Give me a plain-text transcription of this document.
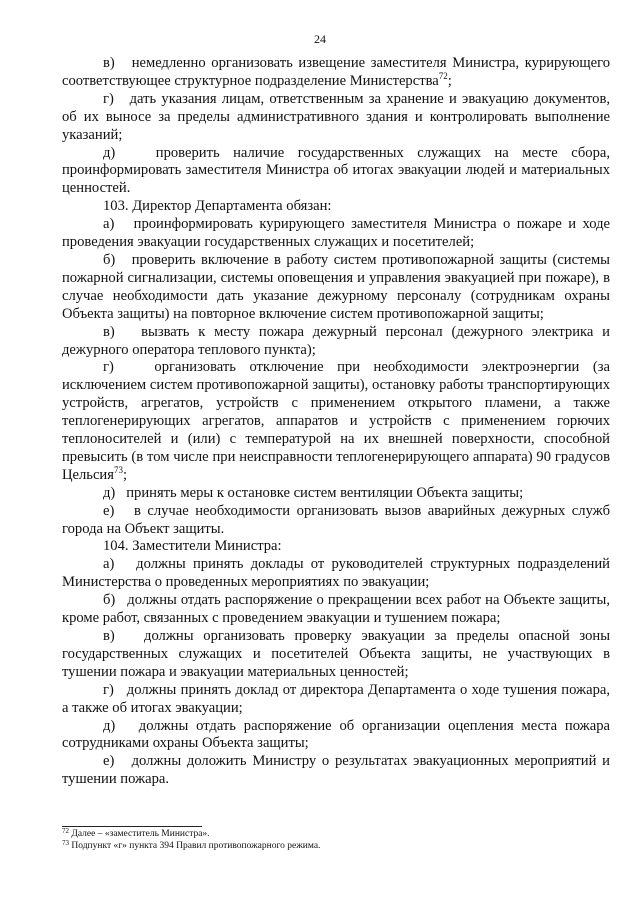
24

в)   немедленно организовать извещение заместителя Министра, курирующего соответствующее структурное подразделение Министерства$^{72}$;

г)   дать указания лицам, ответственным за хранение и эвакуацию документов, об их выносе за пределы административного здания и контролировать выполнение указаний;

д)   проверить наличие государственных служащих на месте сбора, проинформировать заместителя Министра об итогах эвакуации людей и материальных ценностей.

103. Директор Департамента обязан:

а)   проинформировать курирующего заместителя Министра о пожаре и ходе проведения эвакуации государственных служащих и посетителей;

б)   проверить включение в работу систем противопожарной защиты (системы пожарной сигнализации, системы оповещения и управления эвакуацией при пожаре), в случае необходимости дать указание дежурному персоналу (сотрудникам охраны Объекта защиты) на повторное включение систем противопожарной защиты;

в)   вызвать к месту пожара дежурный персонал (дежурного электрика и дежурного оператора теплового пункта);

г)   организовать отключение при необходимости электроэнергии (за исключением систем противопожарной защиты), остановку работы транспортирующих устройств, агрегатов, устройств с применением открытого пламени, а также теплогенерирующих агрегатов, аппаратов и устройств с применением горючих теплоносителей и (или) с температурой на их внешней поверхности, способной превысить (в том числе при неисправности теплогенерирующего аппарата) 90 градусов Цельсия$^{73}$;

д)   принять меры к остановке систем вентиляции Объекта защиты;

е)   в случае необходимости организовать вызов аварийных дежурных служб города на Объект защиты.

104. Заместители Министра:

а)   должны принять доклады от руководителей структурных подразделений Министерства о проведенных мероприятиях по эвакуации;

б)   должны отдать распоряжение о прекращении всех работ на Объекте защиты, кроме работ, связанных с проведением эвакуации и тушением пожара;

в)   должны организовать проверку эвакуации за пределы опасной зоны государственных служащих и посетителей Объекта защиты, не участвующих в тушении пожара и эвакуации материальных ценностей;

г)   должны принять доклад от директора Департамента о ходе тушения пожара, а также об итогах эвакуации;

д)   должны отдать распоряжение об организации оцепления места пожара сотрудниками охраны Объекта защиты;

е)   должны доложить Министру о результатах эвакуационных мероприятий и тушении пожара.

$^{72}$ Далее – «заместитель Министра».
$^{73}$ Подпункт «г» пункта 394 Правил противопожарного режима.
